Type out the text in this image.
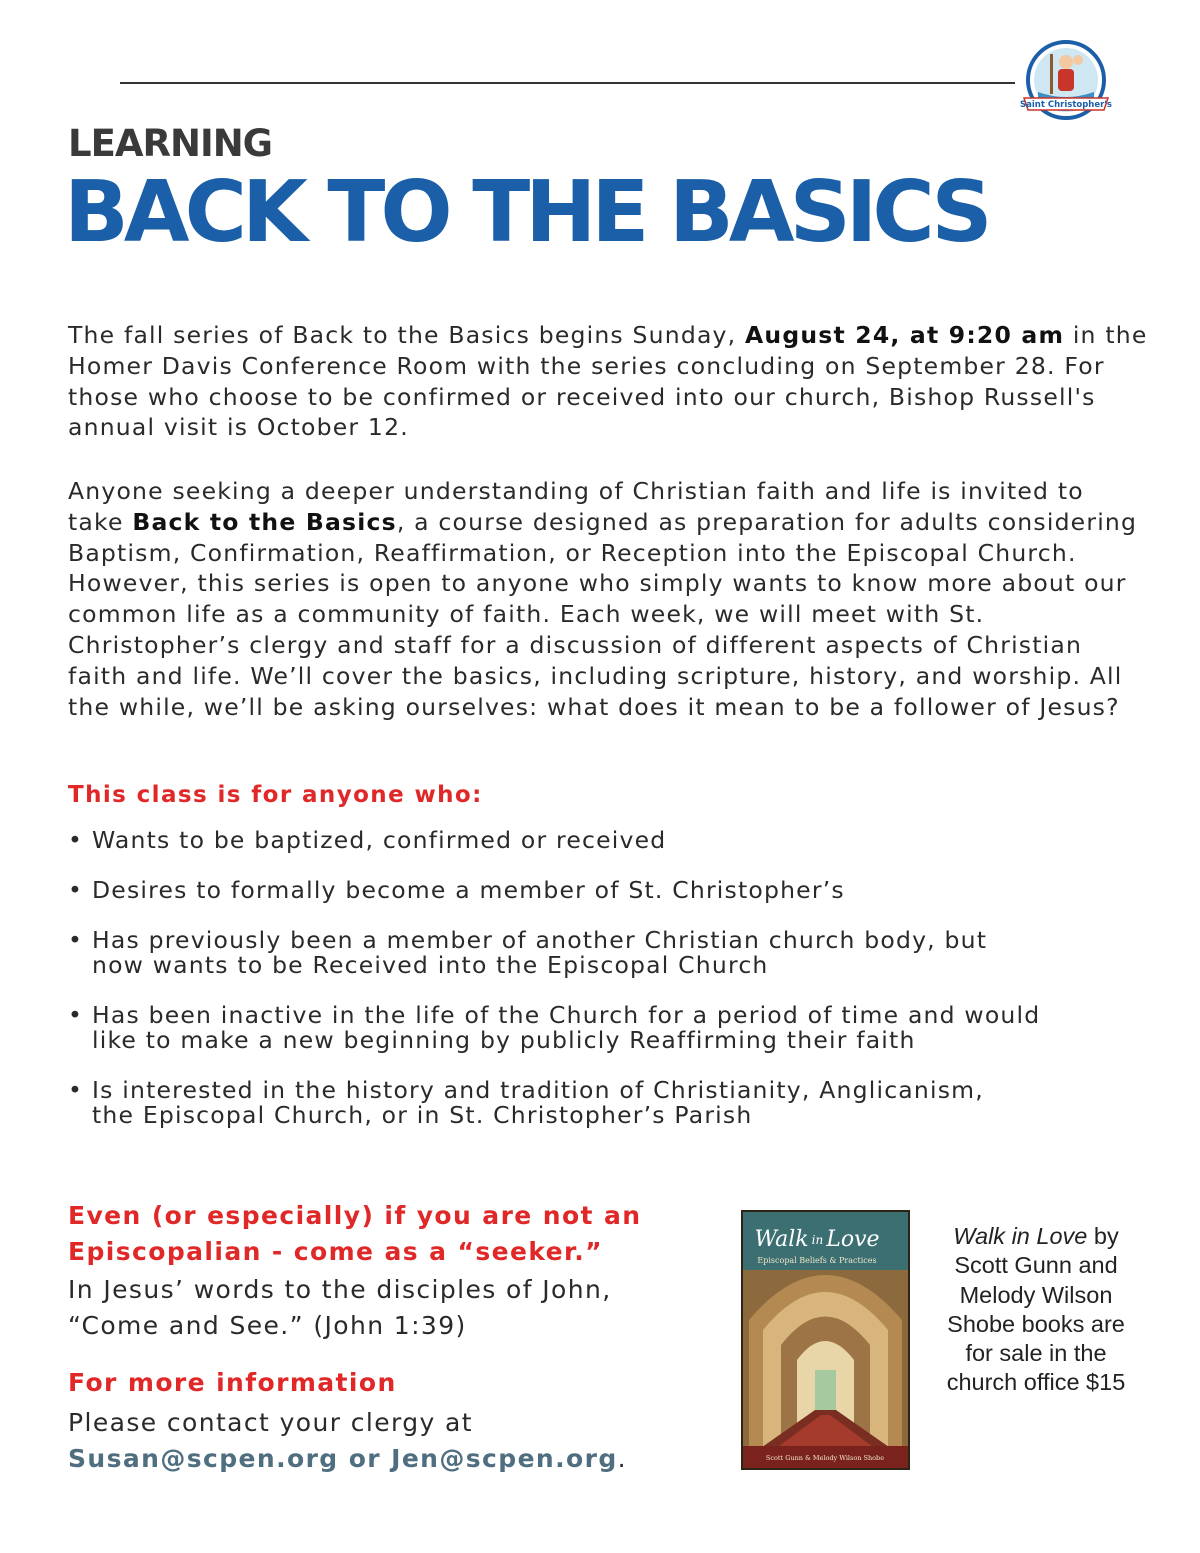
Saint Christopher's
LEARNING
BACK TO THE BASICS

The fall series of Back to the Basics begins Sunday, August 24, at 9:20 am in the Homer Davis Conference Room with the series concluding on September 28. For those who choose to be confirmed or received into our church, Bishop Russell's annual visit is October 12.

Anyone seeking a deeper understanding of Christian faith and life is invited to take Back to the Basics, a course designed as preparation for adults considering Baptism, Confirmation, Reaffirmation, or Reception into the Episcopal Church. However, this series is open to anyone who simply wants to know more about our common life as a community of faith. Each week, we will meet with St. Christopher’s clergy and staff for a discussion of different aspects of Christian faith and life. We’ll cover the basics, including scripture, history, and worship. All the while, we’ll be asking ourselves: what does it mean to be a follower of Jesus?

This class is for anyone who:
• Wants to be baptized, confirmed or received
• Desires to formally become a member of St. Christopher’s
• Has previously been a member of another Christian church body, but now wants to be Received into the Episcopal Church
• Has been inactive in the life of the Church for a period of time and would like to make a new beginning by publicly Reaffirming their faith
• Is interested in the history and tradition of Christianity, Anglicanism, the Episcopal Church, or in St. Christopher’s Parish
Even (or especially) if you are not an
Episcopalian - come as a “seeker.”
In Jesus’ words to the disciples of John,
“Come and See.” (John 1:39)
For more information
Please contact your clergy at
Susan@scpen.org or Jen@scpen.org.
Walk in Love
Episcopal Beliefs & Practices
Scott Gunn & Melody Wilson Shobe
Walk in Love by Scott Gunn and Melody Wilson Shobe books are for sale in the church office $15
